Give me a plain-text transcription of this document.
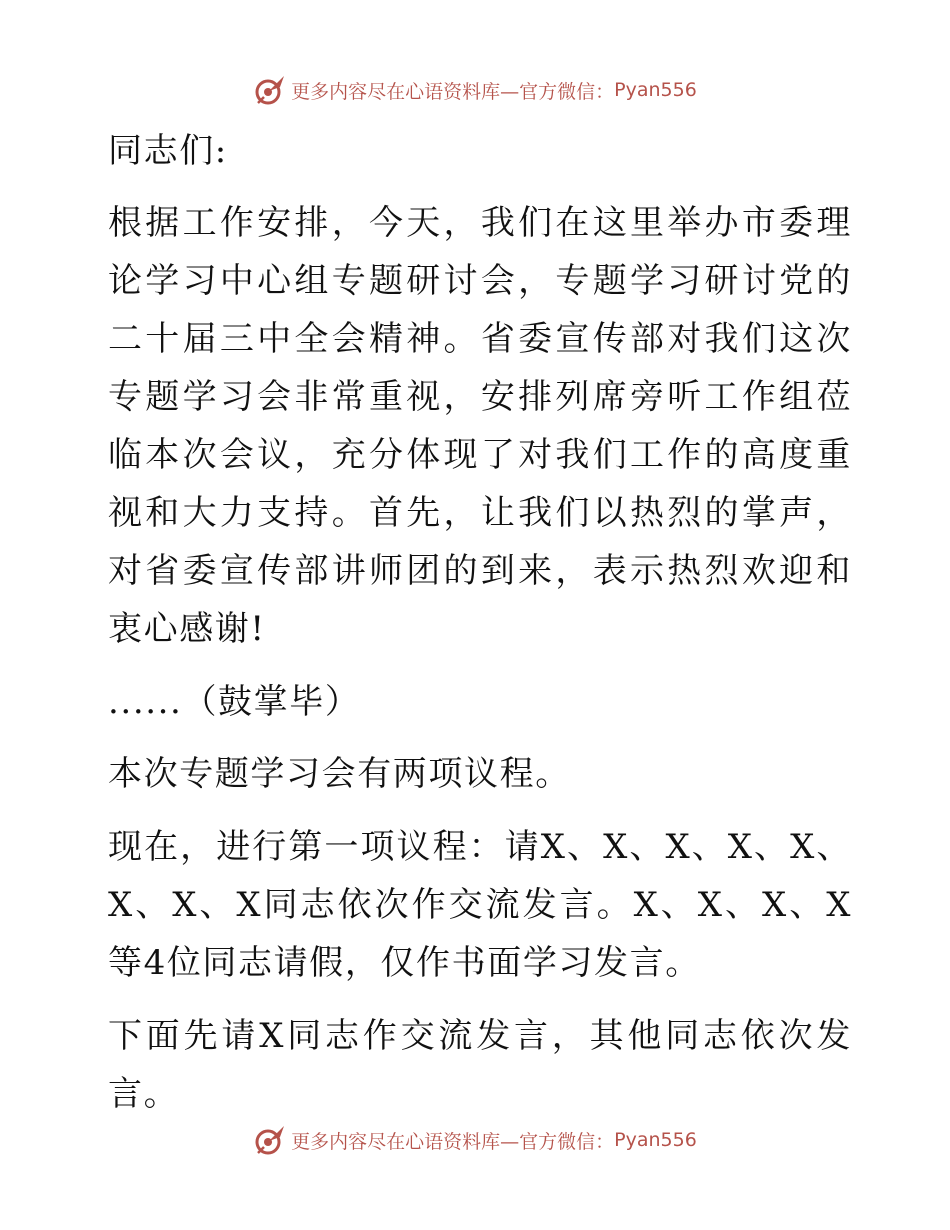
更多内容尽在心语资料库—官方微信： Pyan556

同志们:

根据工作安排，今天，我们在这里举办市委理论学习中心组专题研讨会，专题学习研讨党的二十届三中全会精神。省委宣传部对我们这次专题学习会非常重视，安排列席旁听工作组莅临本次会议，充分体现了对我们工作的高度重视和大力支持。首先，让我们以热烈的掌声，对省委宣传部讲师团的到来，表示热烈欢迎和衷心感谢!

......（鼓掌毕）

本次专题学习会有两项议程。

现在，进行第一项议程：请X、X、X、X、X、X、X、X同志依次作交流发言。X、X、X、X等4位同志请假，仅作书面学习发言。

下面先请X同志作交流发言，其他同志依次发言。

更多内容尽在心语资料库—官方微信： Pyan556
